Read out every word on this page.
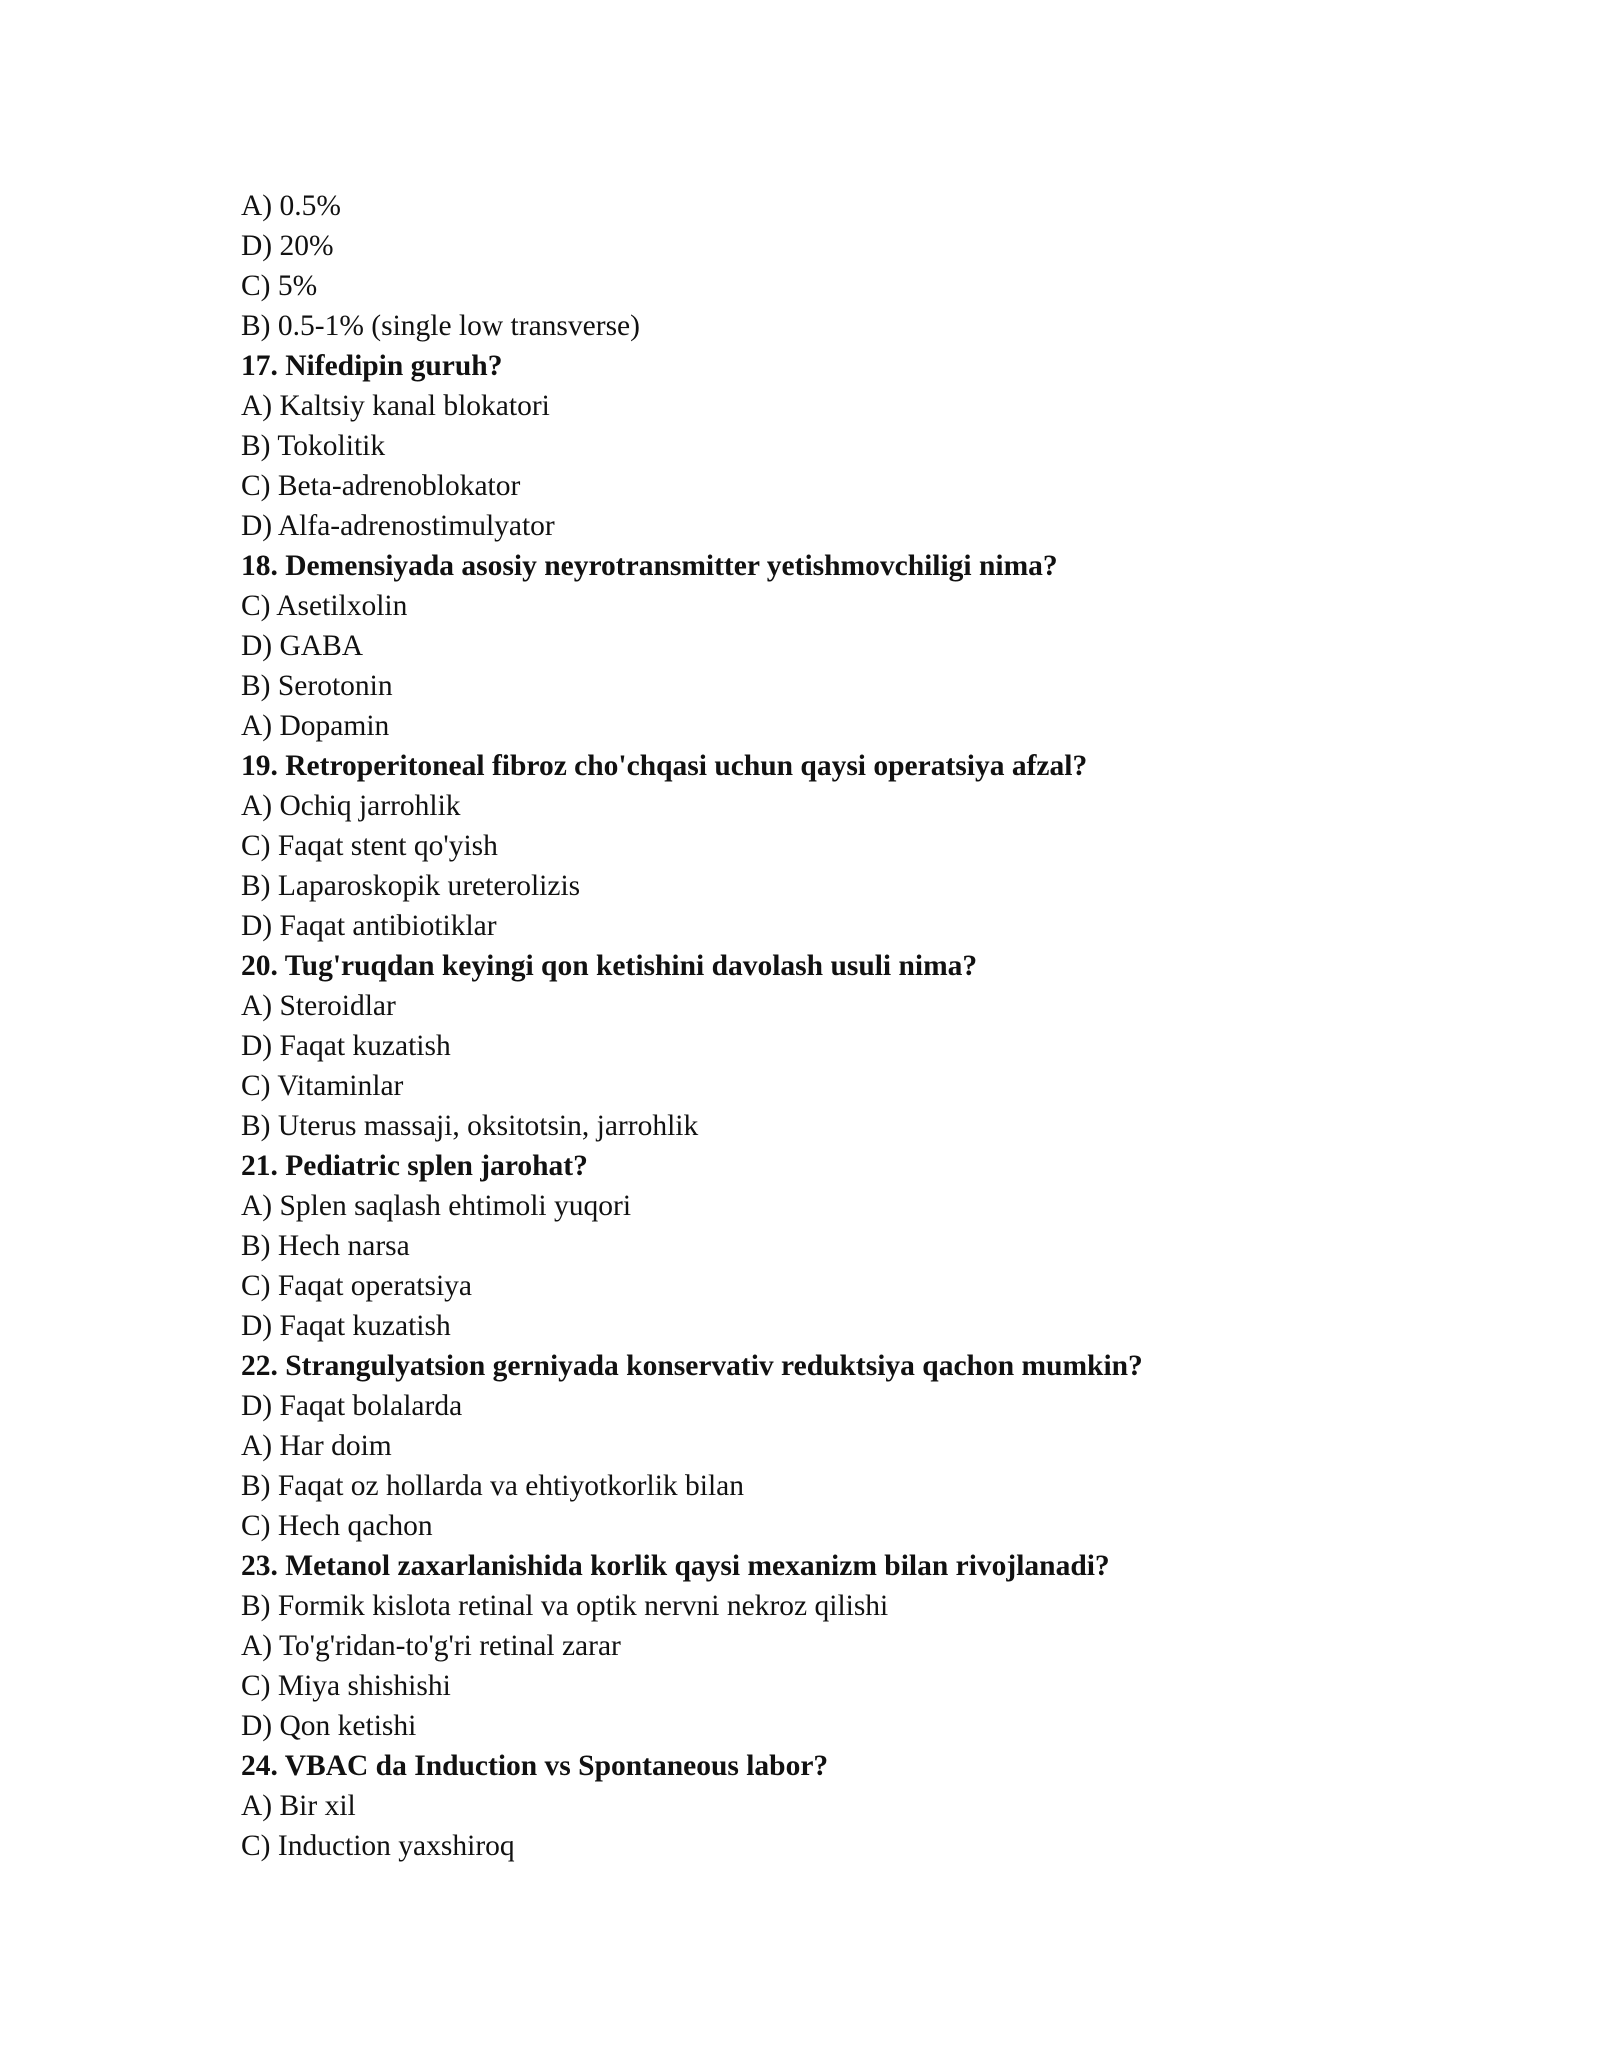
A) 0.5%

D) 20%

C) 5%

B) 0.5-1% (single low transverse)

17. Nifedipin guruh?

A) Kaltsiy kanal blokatori

B) Tokolitik

C) Beta-adrenoblokator

D) Alfa-adrenostimulyator

18. Demensiyada asosiy neyrotransmitter yetishmovchiligi nima?

C) Asetilxolin

D) GABA

B) Serotonin

A) Dopamin

19. Retroperitoneal fibroz cho'chqasi uchun qaysi operatsiya afzal?

A) Ochiq jarrohlik

C) Faqat stent qo'yish

B) Laparoskopik ureterolizis

D) Faqat antibiotiklar

20. Tug'ruqdan keyingi qon ketishini davolash usuli nima?

A) Steroidlar

D) Faqat kuzatish

C) Vitaminlar

B) Uterus massaji, oksitotsin, jarrohlik

21. Pediatric splen jarohat?

A) Splen saqlash ehtimoli yuqori

B) Hech narsa

C) Faqat operatsiya

D) Faqat kuzatish

22. Strangulyatsion gerniyada konservativ reduktsiya qachon mumkin?

D) Faqat bolalarda

A) Har doim

B) Faqat oz hollarda va ehtiyotkorlik bilan

C) Hech qachon

23. Metanol zaxarlanishida korlik qaysi mexanizm bilan rivojlanadi?

B) Formik kislota retinal va optik nervni nekroz qilishi

A) To'g'ridan-to'g'ri retinal zarar

C) Miya shishishi

D) Qon ketishi

24. VBAC da Induction vs Spontaneous labor?

A) Bir xil

C) Induction yaxshiroq
